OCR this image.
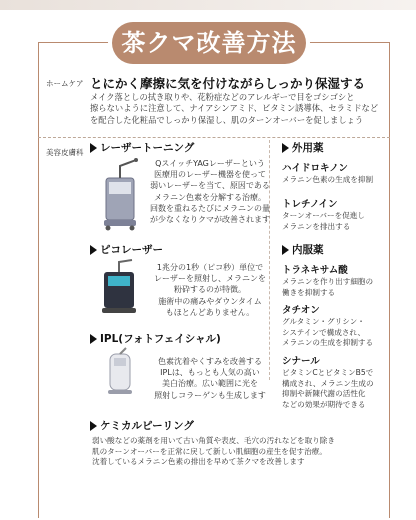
茶クマ改善方法
ホームケア とにかく摩擦に気を付けながらしっかり保湿する
メイク落としの拭き取りや、花粉症などのアレルギーで目をゴシゴシと
擦らないように注意して、ナイアシンアミド、ビタミン誘導体、セラミドなど
を配合した化粧品でしっかり保湿し、肌のターンオーバーを促しましょう
美容皮膚科 レーザートーニング
QスイッチYAGレーザーという
医療用のレーザー機器を使って
弱いレーザーを当て、原因である
メラニン色素を分解する治療。
回数を重ねるたびにメラニンの量
が少なくなりクマが改善されます
ピコレーザー
1兆分の1秒（ピコ秒）単位で
レーザーを照射し、メラニンを
粉砕するのが特徴。
施術中の痛みやダウンタイム
もほとんどありません。
IPL(フォトフェイシャル)
色素沈着やくすみを改善する
IPLは、もっとも人気の高い
美白治療。広い範囲に光を
照射しコラーゲンも生成します
ケミカルピーリング
弱い酸などの薬剤を用いて古い角質や表皮、毛穴の汚れなどを取り除き
肌のターンオーバーを正常に戻して新しい肌細胞の産生を促す治療。
沈着しているメラニン色素の排出を早めて茶クマを改善します
外用薬
ハイドロキノン
メラニン色素の生成を抑制
トレチノイン
ターンオーバーを促進し
メラニンを排出する
内服薬
トラネキサム酸
メラニンを作り出す細胞の
働きを抑制する
タチオン
グルタミン・グリシン・
システインで構成され、
メラニンの生成を抑制する
シナール
ビタミンCとビタミンB5で
構成され、メラニン生成の
抑制や新陳代謝の活性化
などの効果が期待できる
